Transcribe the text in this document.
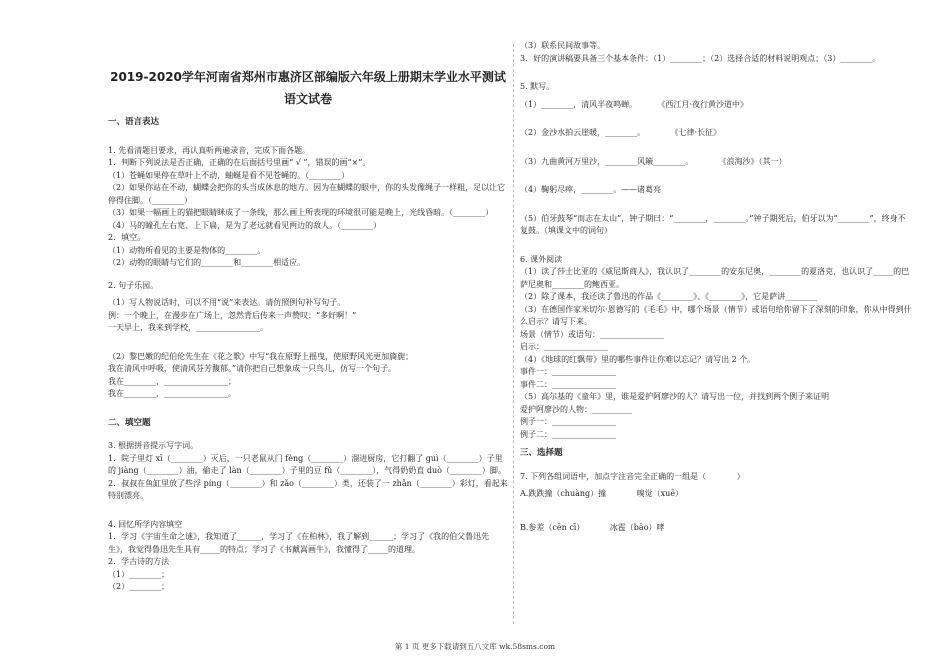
2019-2020学年河南省郑州市惠济区部编版六年级上册期末学业水平测试语文试卷
一、语言表达
1. 先看清题目要求，再认真听两遍录音，完成下面各题。
1．判断下列说法是否正确，正确的在后面括号里画“ √ ”，错误的画“×”。
（1）苍蝇如果停在草叶上不动，蚰蜒是看不见苍蝇的。（________）
（2）如果你站在不动，蝴蝶会把你的头当成休息的地方。因为在蝴蝶的眼中，你的头发像绳子一样粗，足以让它停得住脚。（________）
（3）如果一幅画上的猫把眼睛眯成了一条线，那么画上所表现的环境很可能是晚上，光线昏暗。（________）
（4）马的瞳孔左右宽、上下扁，是为了老远就看见两边的敌人。（________）
2．填空。
（1）动物所看见的主要是物体的________。
（2）动物的眼睛与它们的________和________相适应。
2. 句子乐园。
（1）写人物说话时，可以不用“说”来表达。请仿照例句补写句子。
例：一个晚上，在漫步在广场上，忽然背后传来一声赞叹：“多好啊！”
一天早上，我来到学校，________________。
（2）黎巴嫩的纪伯伦先生在《花之歌》中写“我在原野上摇曳，使原野风光更加旖旎；
我在清风中呼吸，使清风芬芳馥郁。”请你把自己想象成一只鸟儿，仿写一个句子。
我在________，________________；
我在________，________________。
二、填空题
3. 根据拼音提示写字词。
1．院子里灯 xī（________）灭后，一只老鼠从门 fèng（________）溜进厨房，它打翻了 guì（________）子里的 jiàng（________）油，偷走了 làn（________）子里的豆 fǔ（________），气得奶奶直 duò（________）脚。
2．叔叔在鱼缸里放了些浮 píng（________）和 zǎo（________）类，还装了一 zhǎn（________）彩灯，看起来特别漂亮。
4. 回忆所学内容填空
1．学习《宇宙生命之谜》，我知道了______，学习了《在柏林》，我了解到______；学习了《我的伯父鲁迅先生》，我觉得鲁迅先生具有_____的特点；学习了《书戴嵩画牛》，我懂得了_____的道理。
2．学古诗的方法
（1）________；
（2）________；
（3）联系民间故事等。
3．好的演讲稿要具备三个基本条件：（1）________；（2）选择合适的材料说明观点；（3）________。
5. 默写。
（1）________，清风半夜鸣蝉。        《西江月·夜行黄沙道中》
（2）金沙水拍云崖暖，________。          《七律·长征》
（3）九曲黄河万里沙，________风簸________。          《浪淘沙》（其一）
（4）鞠躬尽瘁，________。——诸葛亮
（5）伯牙鼓琴“而志在太山”，钟子期曰：“________，________。”钟子期死后，伯牙以为“________”，终身不复鼓。（填课文中的词句）
6. 课外阅读
（1）读了莎士比亚的《威尼斯商人》，我认识了________的安东尼奥，________的夏洛克，也认识了_____的巴萨尼奥和________的鲍西亚。
（2）除了课本，我还读了鲁迅的作品《________》、《________》，它是萨讲________
（3）在德国作家米切尔·恩德写的《毛毛》中，哪个场景（情节）或语句给你留下了深刻的印象，你从中得到什么启示？请写下来。
场景（情节）或语句：________________
启示：________________
（4）《地球的红飘带》里的哪些事件让你难以忘记？请写出 2 个。
事件一：________________
事件二：________________
（5）高尔基的《童年》里，谁是爱护阿廖沙的人？请写出一位，并找到两个例子来证明
爱护阿廖沙的人物：__________
例子一：________________
例子二：________________
三、选择题
7. 下列各组词语中，加点字注音完全正确的一组是（            ）
A.跌跌撞（chuàng）撞            嗅觉（xuē）
B.参差（cēn cī）          冰雹（bāo）哮
第 1 页 更多下载请到五八文库 wk.58sms.com
